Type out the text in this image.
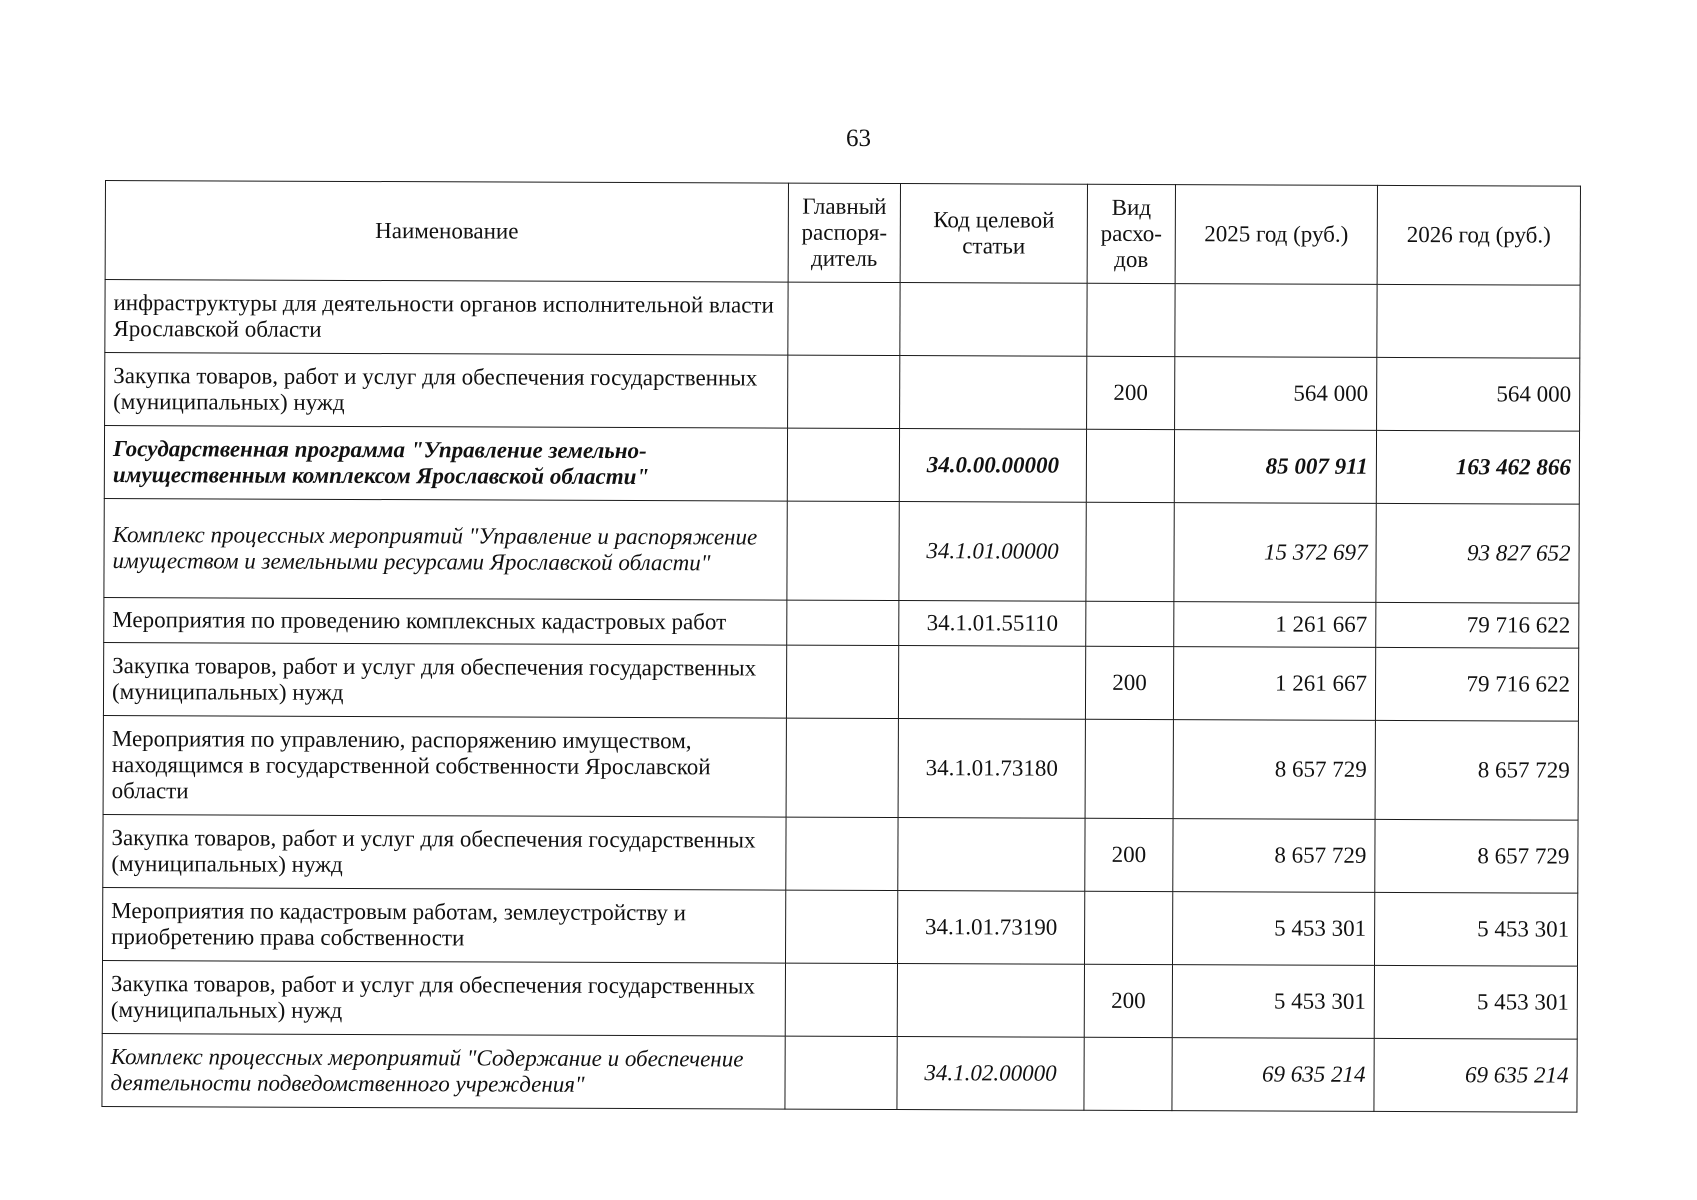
63
Наименование	Главный распоря-дитель	Код целевой статьи	Вид расхо-дов	2025 год (руб.)	2026 год (руб.)
инфраструктуры для деятельности органов исполнительной власти Ярославской области					
Закупка товаров, работ и услуг для обеспечения государственных (муниципальных) нужд			200	564 000	564 000
Государственная программа "Управление земельно-имущественным комплексом Ярославской области"		34.0.00.00000		85 007 911	163 462 866
Комплекс процессных мероприятий "Управление и распоряжение имуществом и земельными ресурсами Ярославской области"		34.1.01.00000		15 372 697	93 827 652
Мероприятия по проведению комплексных кадастровых работ		34.1.01.55110		1 261 667	79 716 622
Закупка товаров, работ и услуг для обеспечения государственных (муниципальных) нужд			200	1 261 667	79 716 622
Мероприятия по управлению, распоряжению имуществом, находящимся в государственной собственности Ярославской области		34.1.01.73180		8 657 729	8 657 729
Закупка товаров, работ и услуг для обеспечения государственных (муниципальных) нужд			200	8 657 729	8 657 729
Мероприятия по кадастровым работам, землеустройству и приобретению права собственности		34.1.01.73190		5 453 301	5 453 301
Закупка товаров, работ и услуг для обеспечения государственных (муниципальных) нужд			200	5 453 301	5 453 301
Комплекс процессных мероприятий "Содержание и обеспечение деятельности подведомственного учреждения"		34.1.02.00000		69 635 214	69 635 214
